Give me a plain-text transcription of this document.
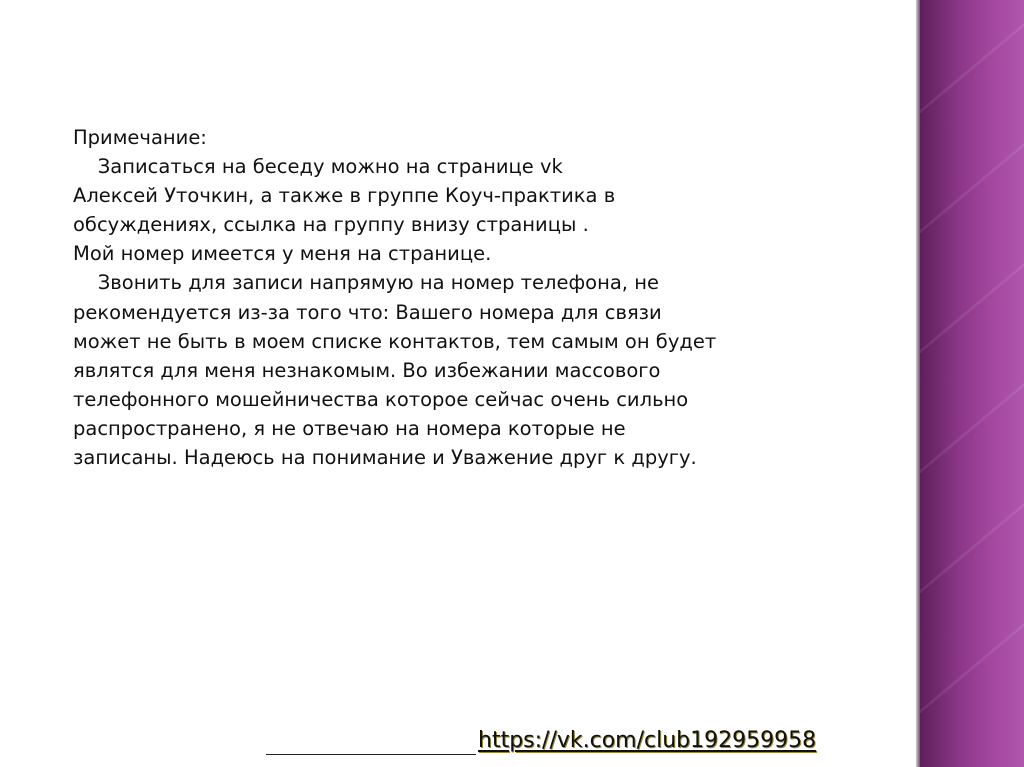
Примечание:

Записаться на беседу можно на странице vk

Алексей Уточкин, а также в группе Коуч-практика в

обсуждениях, ссылка на группу внизу страницы .

Мой номер имеется у меня на странице.

Звонить для записи напрямую на номер телефона, не

рекомендуется из-за того что: Вашего номера для связи

может не быть в моем списке контактов, тем самым он будет

являтся для меня незнакомым. Во избежании массового

телефонного мошейничества которое сейчас очень сильно

распространено, я не отвечаю на номера которые не

записаны. Надеюсь на понимание и Уважение друг к другу.

https://vk.com/club192959958
